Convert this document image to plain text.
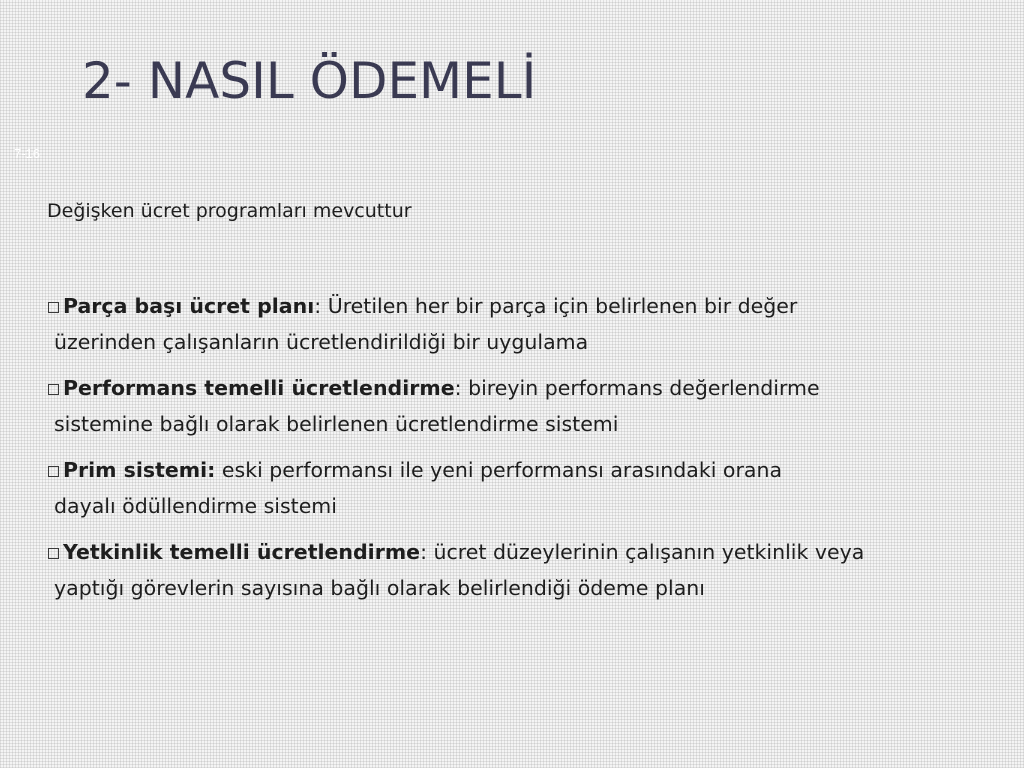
2- NASIL ÖDEMELİ
7-16

Değişken ücret programları mevcuttur

Parça başı ücret planı: Üretilen her bir parça için belirlenen bir değer
üzerinden çalışanların ücretlendirildiği bir uygulama
Performans temelli ücretlendirme: bireyin performans değerlendirme
sistemine bağlı olarak belirlenen ücretlendirme sistemi
Prim sistemi: eski performansı ile yeni performansı arasındaki orana
dayalı ödüllendirme sistemi
Yetkinlik temelli ücretlendirme: ücret düzeylerinin çalışanın yetkinlik veya
yaptığı görevlerin sayısına bağlı olarak belirlendiği ödeme planı
